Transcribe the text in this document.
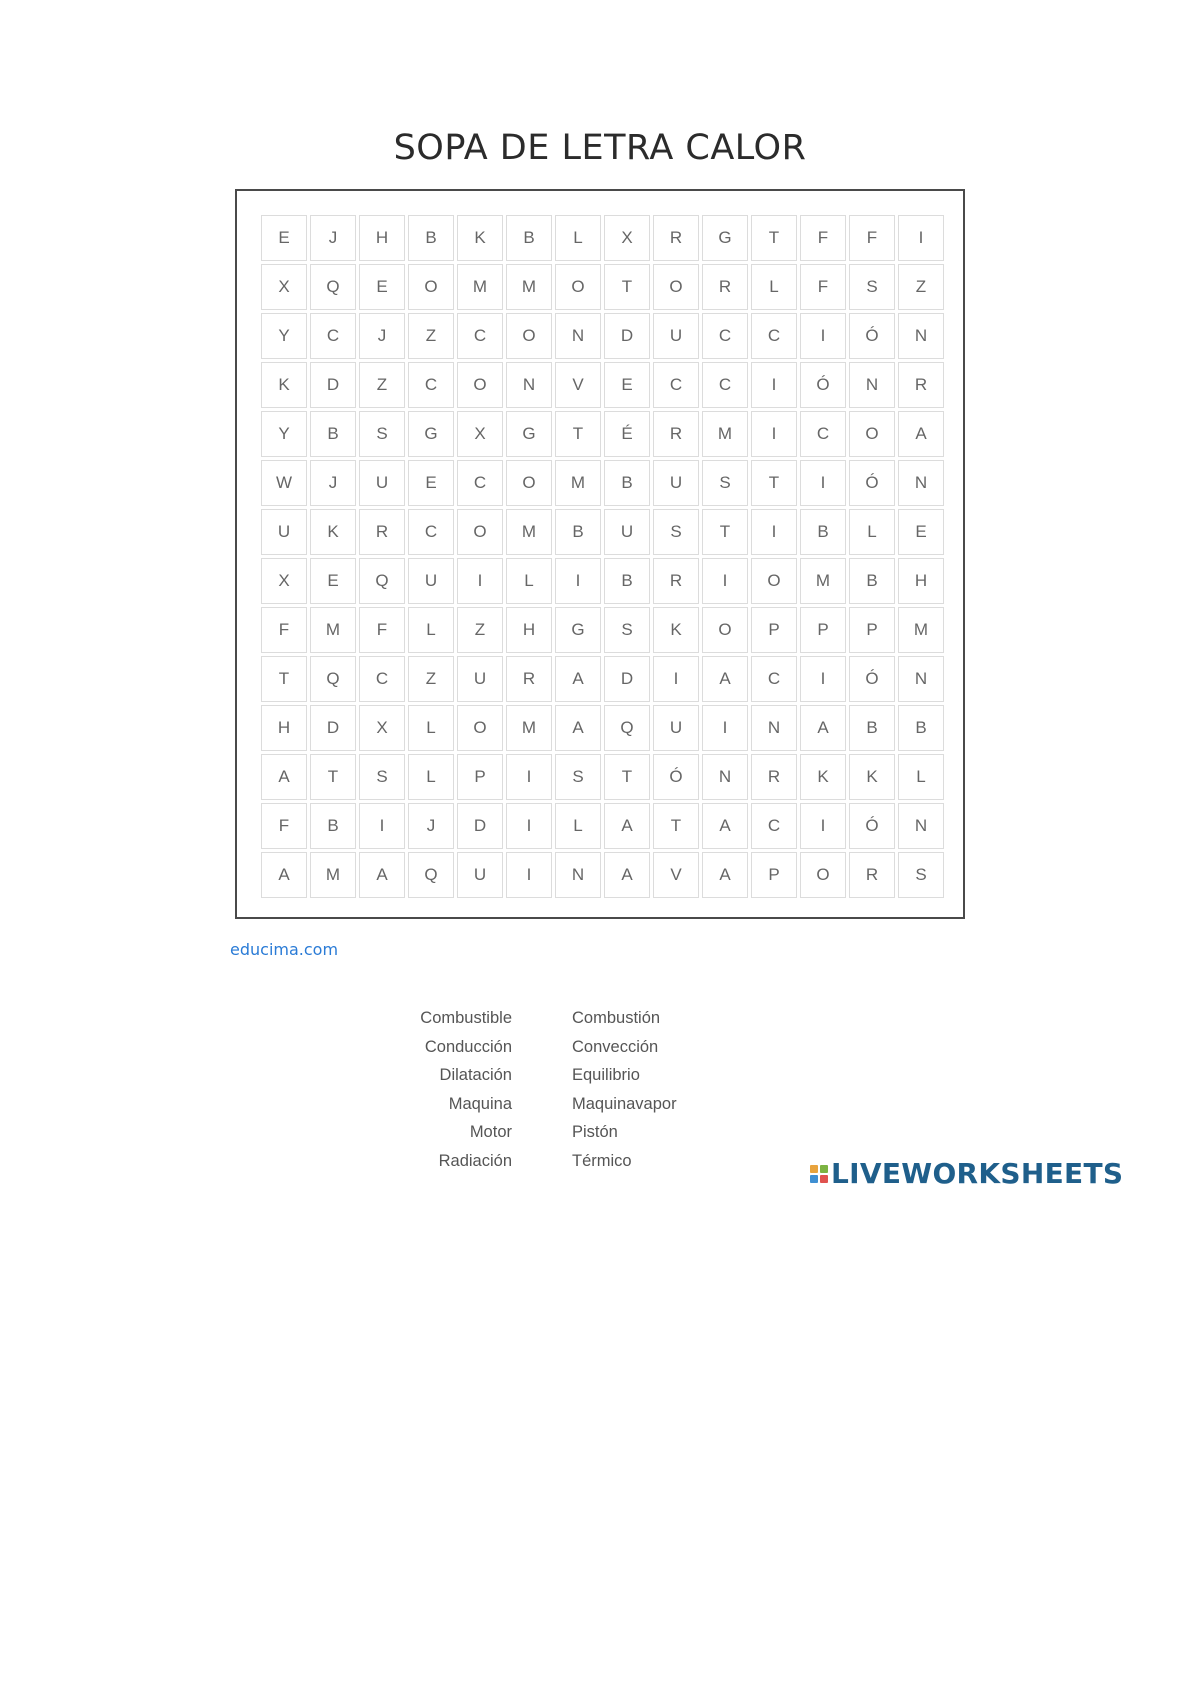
SOPA DE LETRA CALOR
E	J	H	B	K	B	L	X	R	G	T	F	F	I
X	Q	E	O	M	M	O	T	O	R	L	F	S	Z
Y	C	J	Z	C	O	N	D	U	C	C	I	Ó	N
K	D	Z	C	O	N	V	E	C	C	I	Ó	N	R
Y	B	S	G	X	G	T	É	R	M	I	C	O	A
W	J	U	E	C	O	M	B	U	S	T	I	Ó	N
U	K	R	C	O	M	B	U	S	T	I	B	L	E
X	E	Q	U	I	L	I	B	R	I	O	M	B	H
F	M	F	L	Z	H	G	S	K	O	P	P	P	M
T	Q	C	Z	U	R	A	D	I	A	C	I	Ó	N
H	D	X	L	O	M	A	Q	U	I	N	A	B	B
A	T	S	L	P	I	S	T	Ó	N	R	K	K	L
F	B	I	J	D	I	L	A	T	A	C	I	Ó	N
A	M	A	Q	U	I	N	A	V	A	P	O	R	S
educima.com
Combustible
Conducción
Dilatación
Maquina
Motor
Radiación
Combustión
Convección
Equilibrio
Maquinavapor
Pistón
Térmico	LIVEWORKSHEETS
